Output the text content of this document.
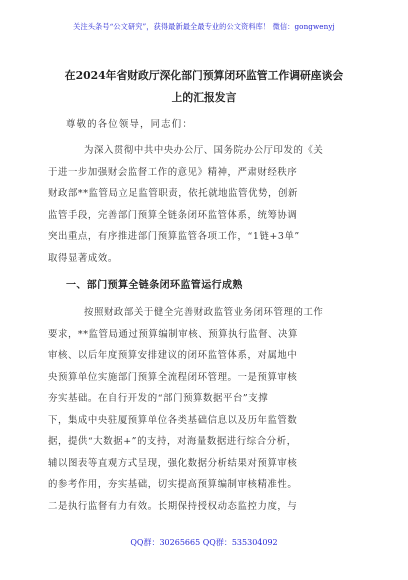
关注头条号“公文研究”，获得最新最全最专业的公文资料库！ 微信：gongwenyj
在2024年省财政厅深化部门预算闭环监管工作调研座谈会
上的汇报发言
尊敬的各位领导，同志们：
为深入贯彻中共中央办公厅、国务院办公厅印发的《关
于进一步加强财会监督工作的意见》精神，严肃财经秩序
财政部**监管局立足监管职责，依托就地监管优势，创新
监管手段，完善部门预算全链条闭环监管体系，统筹协调
突出重点，有序推进部门预算监管各项工作，“1链+3单”
取得显著成效。
一、部门预算全链条闭环监管运行成熟
按照财政部关于健全完善财政监管业务闭环管理的工作
要求，**监管局通过预算编制审核、预算执行监督、决算
审核、以后年度预算安排建议的闭环监管体系，对属地中
央预算单位实施部门预算全流程闭环管理。一是预算审核
夯实基础。在自行开发的“部门预算数据平台”支撑
下，集成中央驻厦预算单位各类基础信息以及历年监管数
据，提供“大数据+”的支持，对海量数据进行综合分析，
辅以图表等直观方式呈现，强化数据分析结果对预算审核
的参考作用，夯实基础，切实提高预算编制审核精准性。
二是执行监督有力有效。长期保持授权动态监控力度，与
QQ群：30265665 QQ群：535304092
